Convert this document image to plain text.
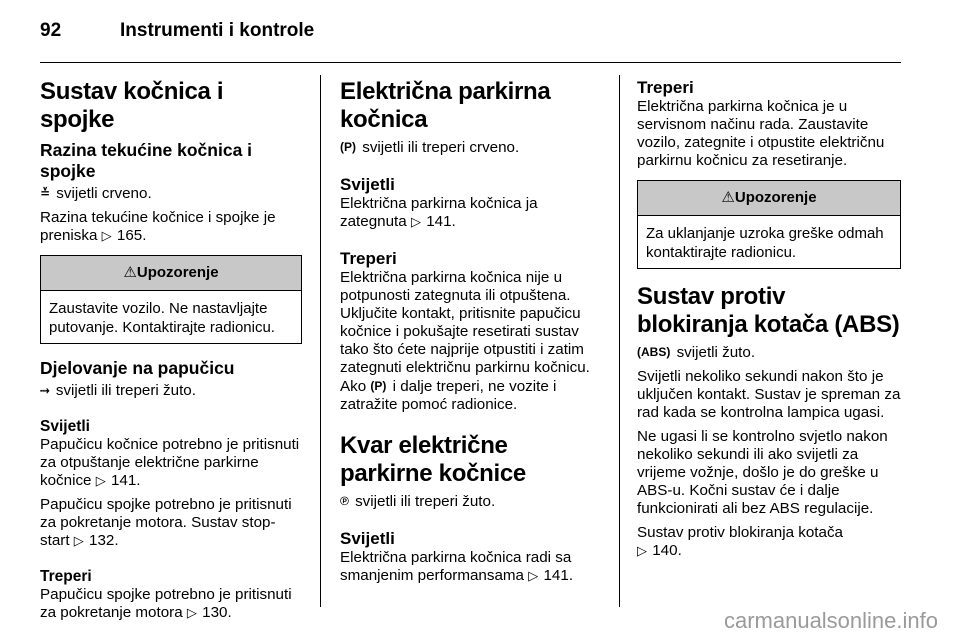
92	Instrumenti i kontrole
Sustav kočnica i spojke
Razina tekućine kočnica i spojke

≚ svijetli crveno.

Razina tekućine kočnice i spojke je preniska ▷ 165.

⚠Upozorenje
Zaustavite vozilo. Ne nastavljajte putovanje. Kontaktirajte radionicu.
Djelovanje na papučicu

⤑ svijetli ili treperi žuto.

Svijetli

Papučicu kočnice potrebno je pritisnuti za otpuštanje električne parkirne kočnice ▷ 141.

Papučicu spojke potrebno je pritisnuti za pokretanje motora. Sustav stop-start ▷ 132.

Treperi

Papučicu spojke potrebno je pritisnuti za pokretanje motora ▷ 130.

Električna parkirna kočnica

(P) svijetli ili treperi crveno.

Svijetli

Električna parkirna kočnica ja zategnuta ▷ 141.

Treperi

Električna parkirna kočnica nije u potpunosti zategnuta ili otpuštena. Uključite kontakt, pritisnite papučicu kočnice i pokušajte resetirati sustav tako što ćete najprije otpustiti i zatim zategnuti električnu parkirnu kočnicu. Ako (P) i dalje treperi, ne vozite i zatražite pomoć radionice.

Kvar električne parkirne kočnice

℗ svijetli ili treperi žuto.

Svijetli

Električna parkirna kočnica radi sa smanjenim performansama ▷ 141.

Treperi

Električna parkirna kočnica je u servisnom načinu rada. Zaustavite vozilo, zategnite i otpustite električnu parkirnu kočnicu za resetiranje.

⚠Upozorenje
Za uklanjanje uzroka greške odmah kontaktirajte radionicu.
Sustav protiv blokiranja kotača (ABS)

(ABS) svijetli žuto.

Svijetli nekoliko sekundi nakon što je uključen kontakt. Sustav je spreman za rad kada se kontrolna lampica ugasi.

Ne ugasi li se kontrolno svjetlo nakon nekoliko sekundi ili ako svijetli za vrijeme vožnje, došlo je do greške u ABS-u. Kočni sustav će i dalje funkcionirati ali bez ABS regulacije.

Sustav protiv blokiranja kotača
▷ 140.

carmanualsonline.info
